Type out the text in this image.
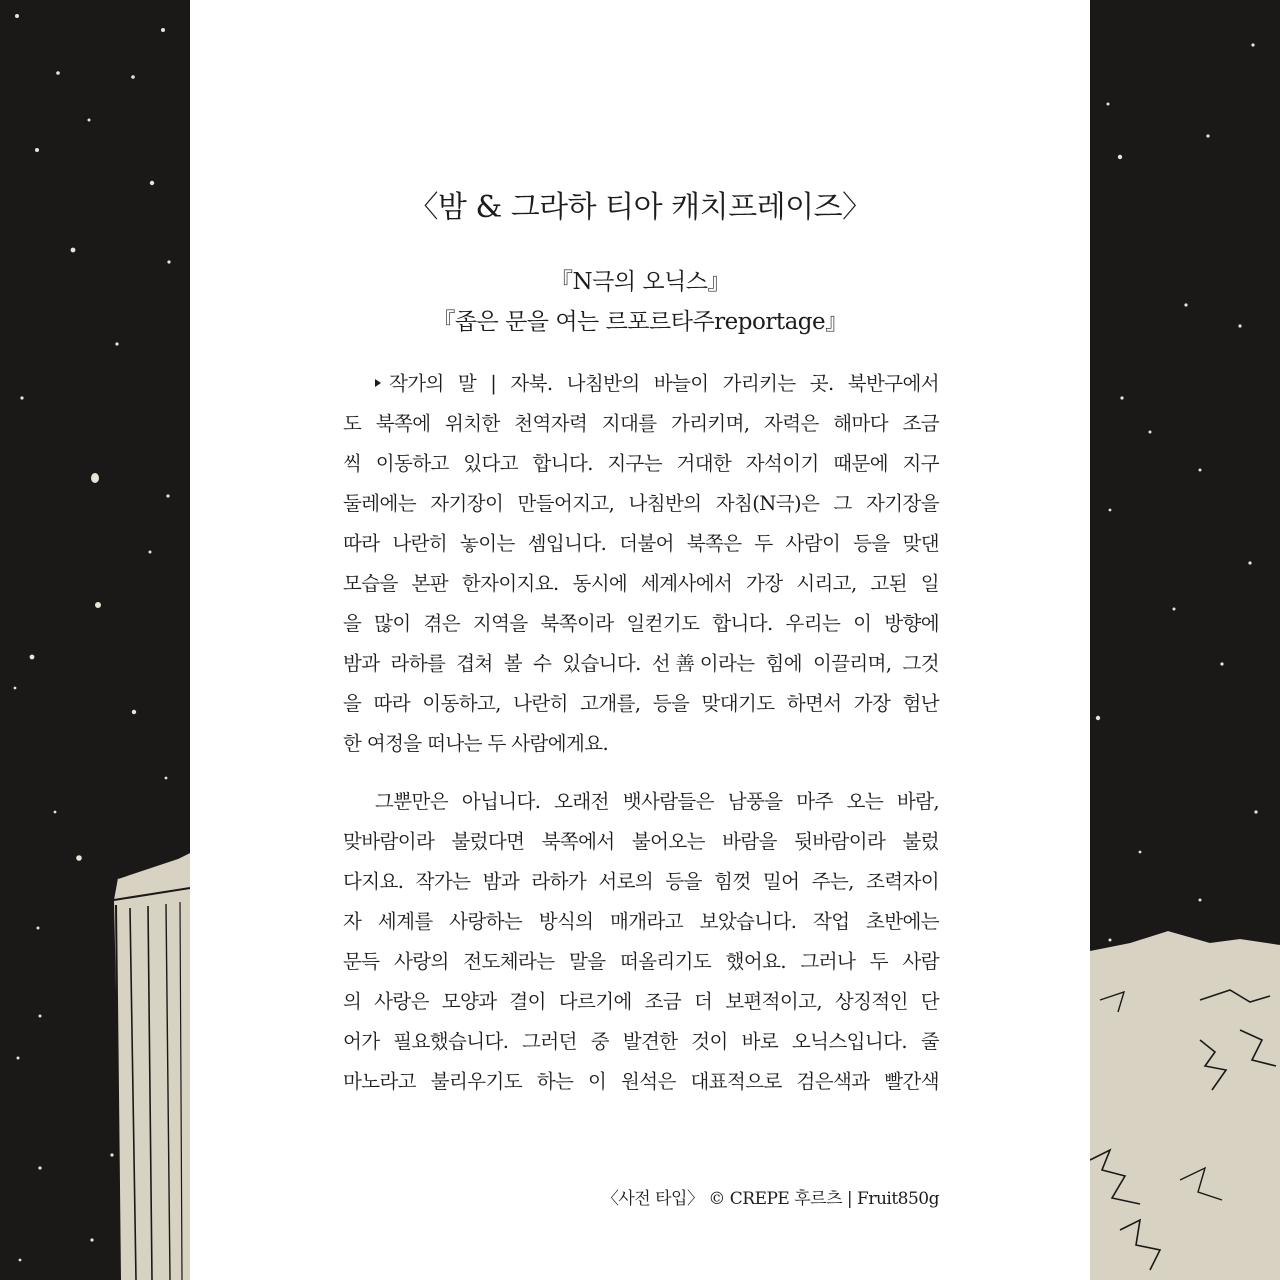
〈밤 & 그라하 티아 캐치프레이즈〉
『N극의 오닉스』
『좁은 문을 여는 르포르타주reportage』
작가의 말 | 자북. 나침반의 바늘이 가리키는 곳. 북반구에서
도 북쪽에 위치한 천역자력 지대를 가리키며, 자력은 해마다 조금
씩 이동하고 있다고 합니다. 지구는 거대한 자석이기 때문에 지구
둘레에는 자기장이 만들어지고, 나침반의 자침(N극)은 그 자기장을
따라 나란히 놓이는 셈입니다. 더불어 북쪽은 두 사람이 등을 맞댄
모습을 본판 한자이지요. 동시에 세계사에서 가장 시리고, 고된 일
을 많이 겪은 지역을 북쪽이라 일컫기도 합니다. 우리는 이 방향에
밤과 라하를 겹쳐 볼 수 있습니다. 선善이라는 힘에 이끌리며, 그것
을 따라 이동하고, 나란히 고개를, 등을 맞대기도 하면서 가장 험난
한 여정을 떠나는 두 사람에게요.
그뿐만은 아닙니다. 오래전 뱃사람들은 남풍을 마주 오는 바람,
맞바람이라 불렀다면 북쪽에서 불어오는 바람을 뒷바람이라 불렀
다지요. 작가는 밤과 라하가 서로의 등을 힘껏 밀어 주는, 조력자이
자 세계를 사랑하는 방식의 매개라고 보았습니다. 작업 초반에는
문득 사랑의 전도체라는 말을 떠올리기도 했어요. 그러나 두 사람
의 사랑은 모양과 결이 다르기에 조금 더 보편적이고, 상징적인 단
어가 필요했습니다. 그러던 중 발견한 것이 바로 오닉스입니다. 줄
마노라고 불리우기도 하는 이 원석은 대표적으로 검은색과 빨간색
〈사전 타입〉 © CREPE 후르츠 | Fruit850g
